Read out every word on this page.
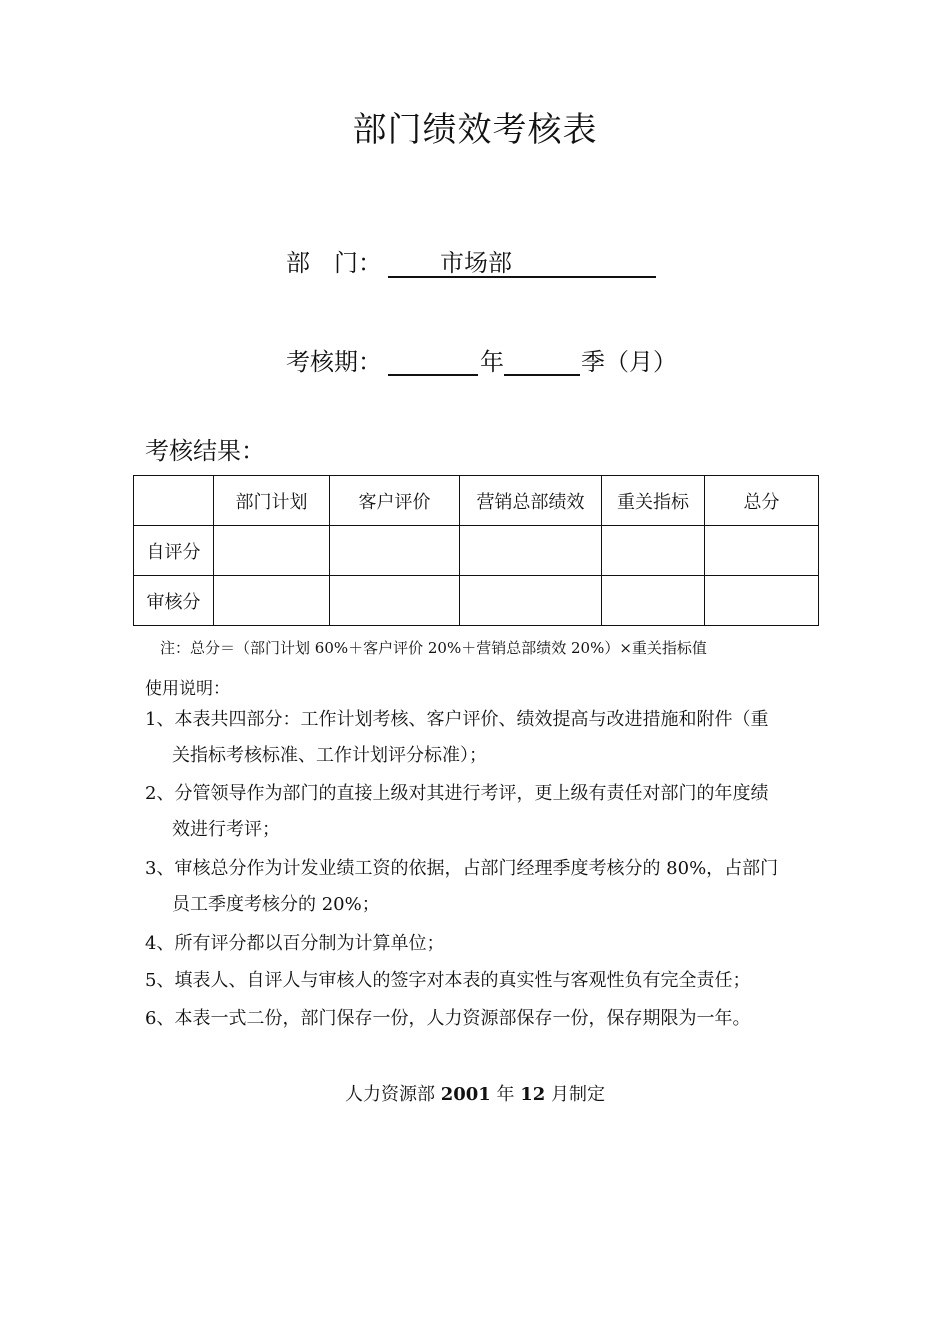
部门绩效考核表
部　门： 市场部
考核期：	年	季（月）
考核结果：
	部门计划	客户评价	营销总部绩效	重关指标	总分
自评分					
审核分					
注：总分＝（部门计划 60%＋客户评价 20%＋营销总部绩效 20%）×重关指标值
使用说明：
1、本表共四部分：工作计划考核、客户评价、绩效提高与改进措施和附件（重
关指标考核标准、工作计划评分标准）；
2、分管领导作为部门的直接上级对其进行考评，更上级有责任对部门的年度绩
效进行考评；
3、审核总分作为计发业绩工资的依据，占部门经理季度考核分的 80%，占部门
员工季度考核分的 20%；
4、所有评分都以百分制为计算单位；
5、填表人、自评人与审核人的签字对本表的真实性与客观性负有完全责任；
6、本表一式二份，部门保存一份，人力资源部保存一份，保存期限为一年。
人力资源部 2001 年 12 月制定
